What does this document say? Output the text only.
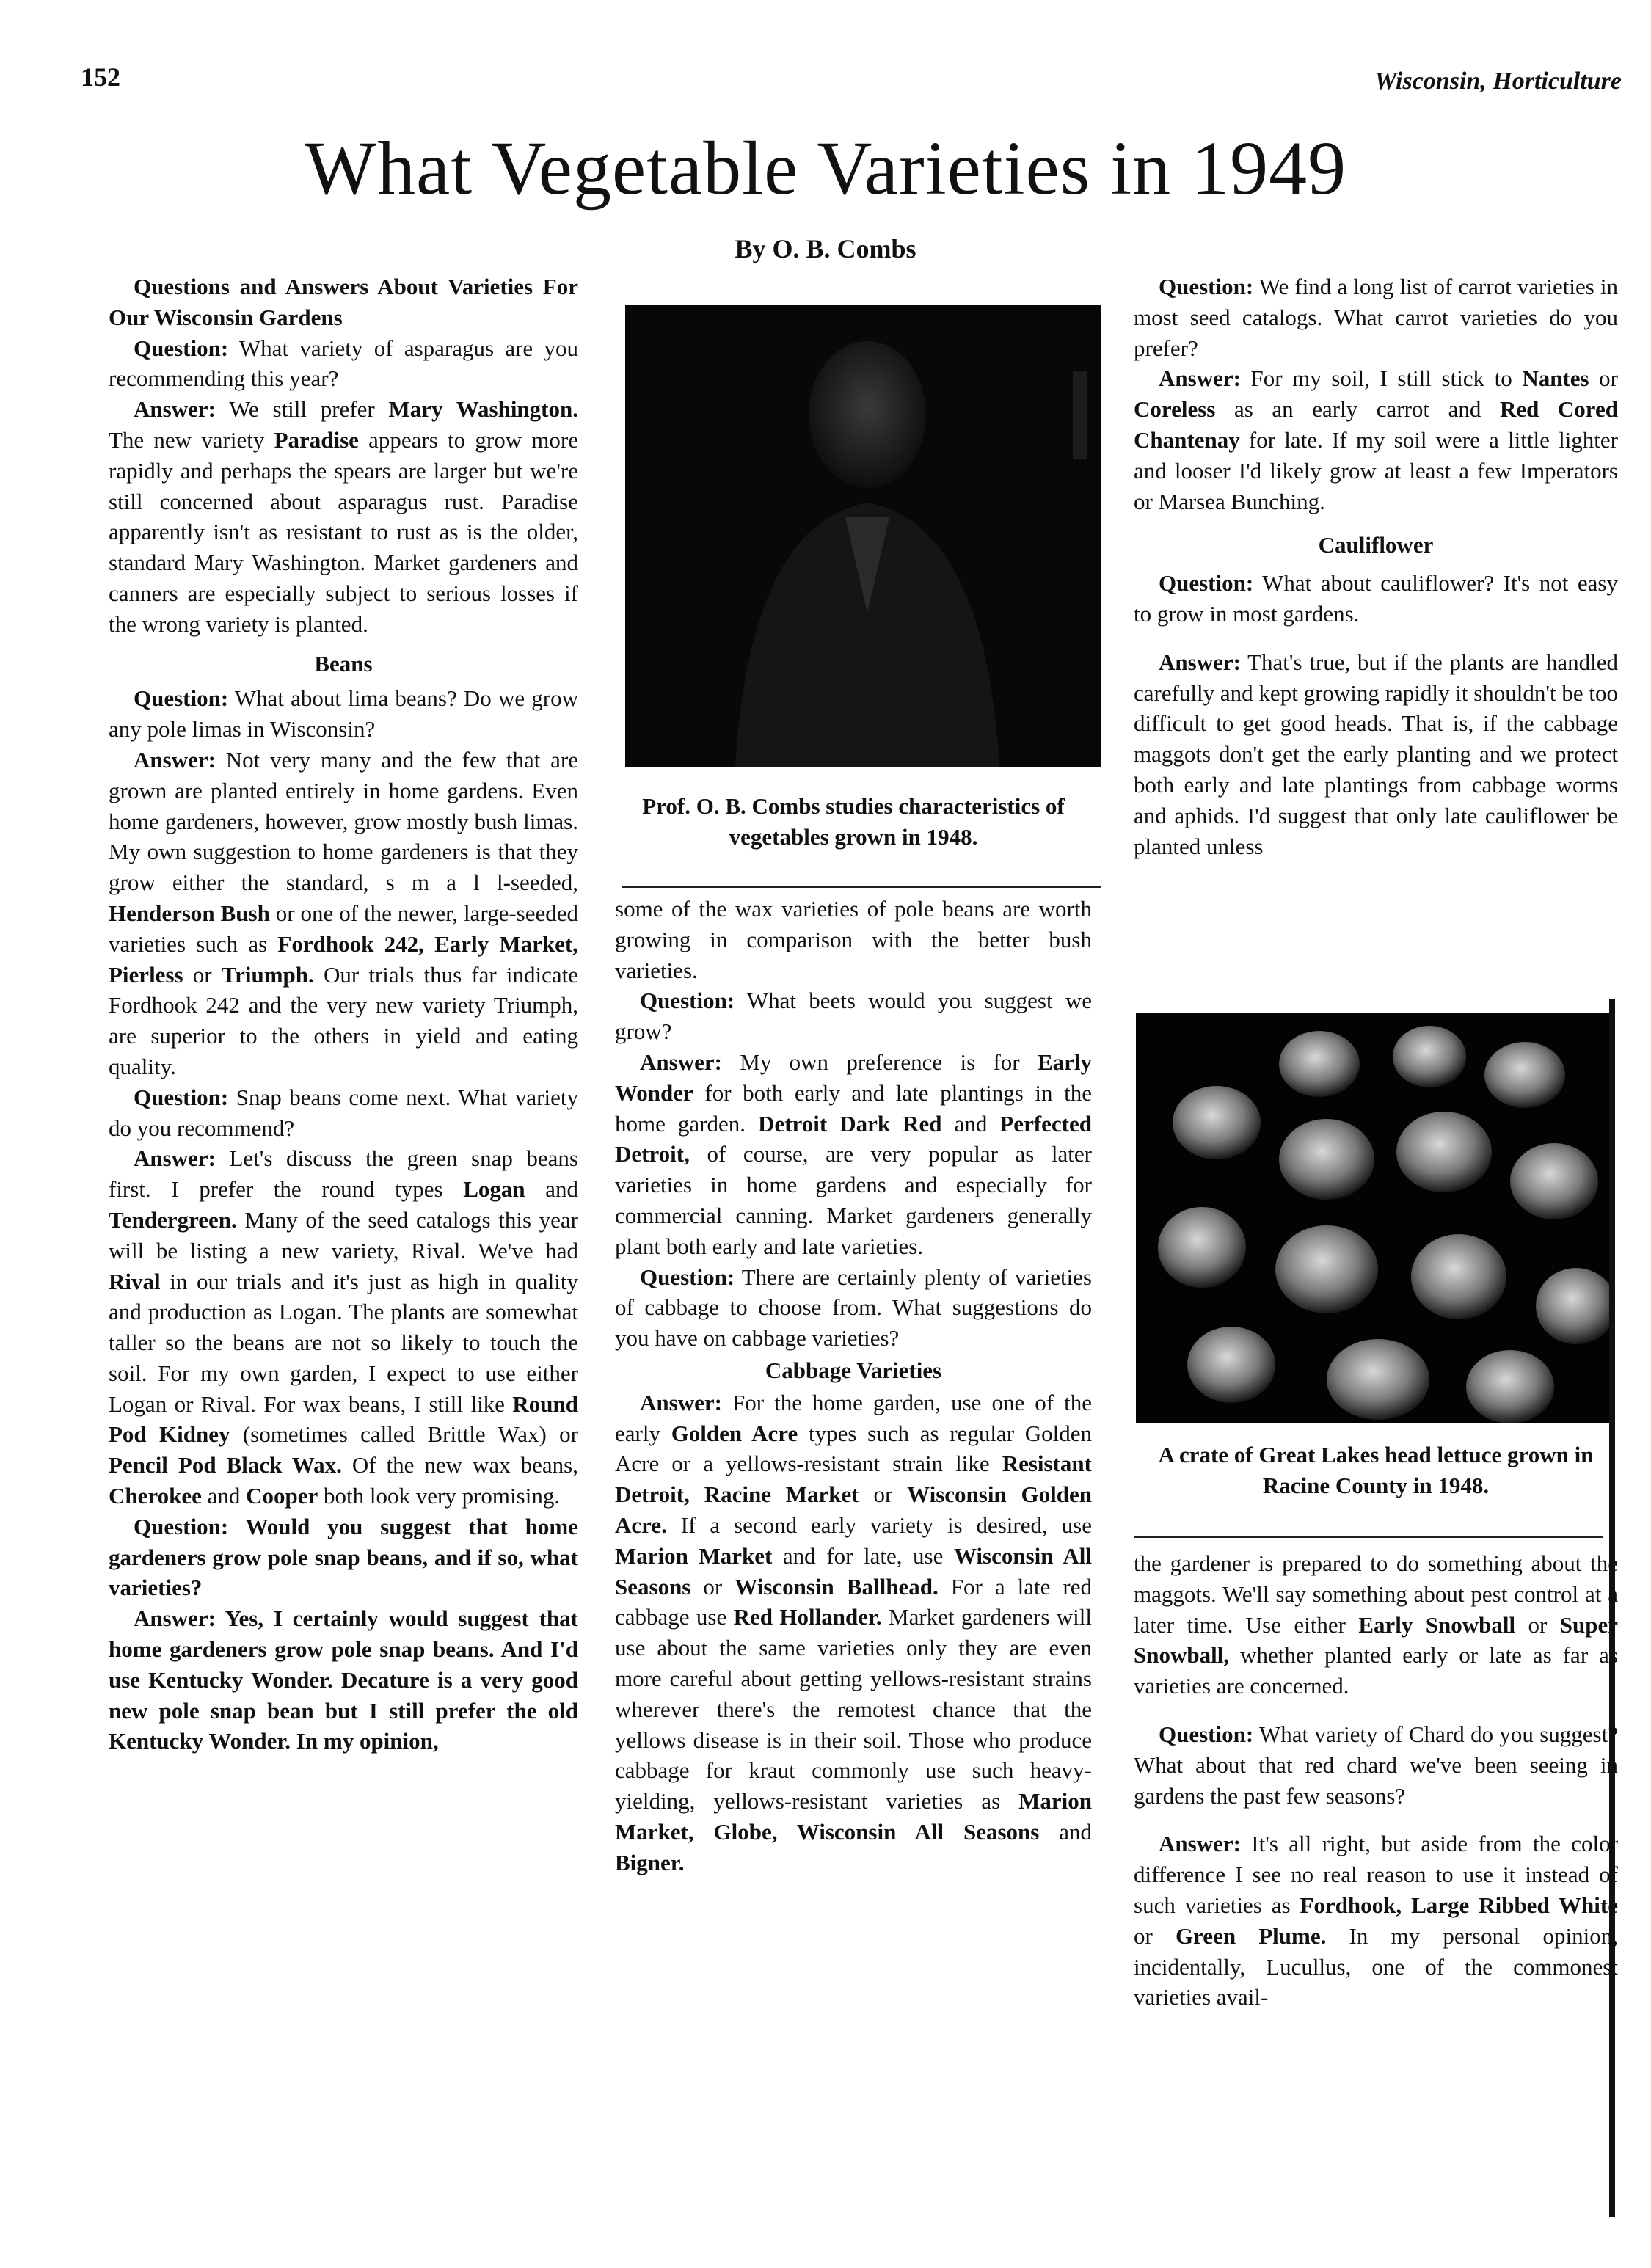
152	Wisconsin, Horticulture
What Vegetable Varieties in 1949
By O. B. Combs

Questions and Answers About Varieties For Our Wisconsin Gardens

Question: What variety of asparagus are you recommending this year?

Answer: We still prefer Mary Washington. The new variety Paradise appears to grow more rapidly and perhaps the spears are larger but we're still concerned about asparagus rust. Paradise apparently isn't as resistant to rust as is the older, standard Mary Washington. Market gardeners and canners are especially subject to serious losses if the wrong variety is planted.

Beans

Question: What about lima beans? Do we grow any pole limas in Wisconsin?

Answer: Not very many and the few that are grown are planted entirely in home gardens. Even home gardeners, however, grow mostly bush limas. My own suggestion to home gardeners is that they grow either the standard, s m a l l-seeded, Henderson Bush or one of the newer, large-seeded varieties such as Fordhook 242, Early Market, Pierless or Triumph. Our trials thus far indicate Fordhook 242 and the very new variety Triumph, are superior to the others in yield and eating quality.

Question: Snap beans come next. What variety do you recommend?

Answer: Let's discuss the green snap beans first. I prefer the round types Logan and Tendergreen. Many of the seed catalogs this year will be listing a new variety, Rival. We've had Rival in our trials and it's just as high in quality and production as Logan. The plants are somewhat taller so the beans are not so likely to touch the soil. For my own garden, I expect to use either Logan or Rival. For wax beans, I still like Round Pod Kidney (sometimes called Brittle Wax) or Pencil Pod Black Wax. Of the new wax beans, Cherokee and Cooper both look very promising.

Question: Would you suggest that home gardeners grow pole snap beans, and if so, what varieties?

Answer: Yes, I certainly would suggest that home gardeners grow pole snap beans. And I'd use Kentucky Wonder. Decature is a very good new pole snap bean but I still prefer the old Kentucky Wonder. In my opinion,

Prof. O. B. Combs studies characteristics of vegetables grown in 1948.

some of the wax varieties of pole beans are worth growing in comparison with the better bush varieties.

Question: What beets would you suggest we grow?

Answer: My own preference is for Early Wonder for both early and late plantings in the home garden. Detroit Dark Red and Perfected Detroit, of course, are very popular as later varieties in home gardens and especially for commercial canning. Market gardeners generally plant both early and late varieties.

Question: There are certainly plenty of varieties of cabbage to choose from. What suggestions do you have on cabbage varieties?

Cabbage Varieties

Answer: For the home garden, use one of the early Golden Acre types such as regular Golden Acre or a yellows-resistant strain like Resistant Detroit, Racine Market or Wisconsin Golden Acre. If a second early variety is desired, use Marion Market and for late, use Wisconsin All Seasons or Wisconsin Ballhead. For a late red cabbage use Red Hollander. Market gardeners will use about the same varieties only they are even more careful about getting yellows-resistant strains wherever there's the remotest chance that the yellows disease is in their soil. Those who produce cabbage for kraut commonly use such heavy-yielding, yellows-resistant varieties as Marion Market, Globe, Wisconsin All Seasons and Bigner.

Question: We find a long list of carrot varieties in most seed catalogs. What carrot varieties do you prefer?

Answer: For my soil, I still stick to Nantes or Coreless as an early carrot and Red Cored Chantenay for late. If my soil were a little lighter and looser I'd likely grow at least a few Imperators or Marsea Bunching.

Cauliflower

Question: What about cauliflower? It's not easy to grow in most gardens.

Answer: That's true, but if the plants are handled carefully and kept growing rapidly it shouldn't be too difficult to get good heads. That is, if the cabbage maggots don't get the early planting and we protect both early and late plantings from cabbage worms and aphids. I'd suggest that only late cauliflower be planted unless

A crate of Great Lakes head lettuce grown in Racine County in 1948.

the gardener is prepared to do something about the maggots. We'll say something about pest control at a later time. Use either Early Snowball or Super Snowball, whether planted early or late as far as varieties are concerned.

Question: What variety of Chard do you suggest? What about that red chard we've been seeing in gardens the past few seasons?

Answer: It's all right, but aside from the color difference I see no real reason to use it instead of such varieties as Fordhook, Large Ribbed White or Green Plume. In my personal opinion, incidentally, Lucullus, one of the commonest varieties avail-
